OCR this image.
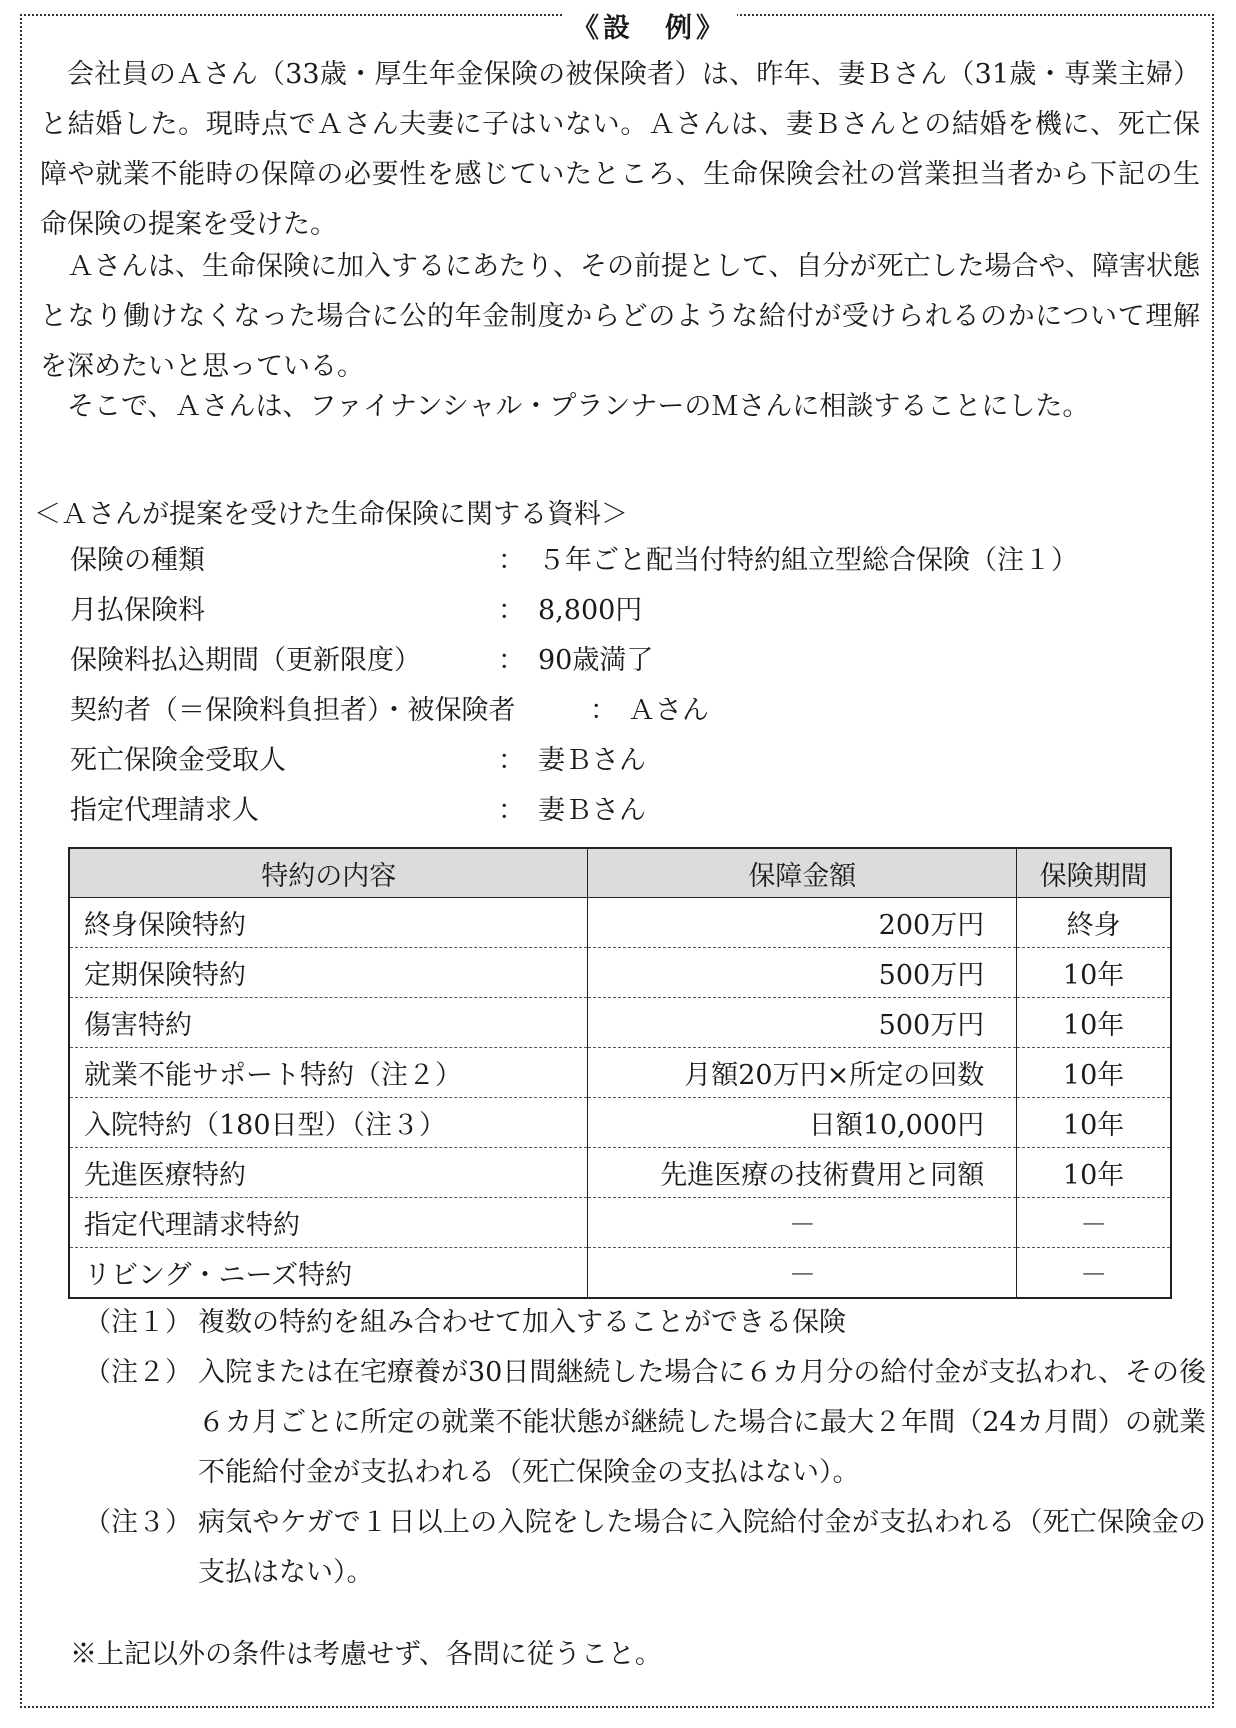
《設　例》

会社員のＡさん（33歳・厚生年金保険の被保険者）は、昨年、妻Ｂさん（31歳・専業主婦）と結婚した。現時点でＡさん夫妻に子はいない。Ａさんは、妻Ｂさんとの結婚を機に、死亡保障や就業不能時の保障の必要性を感じていたところ、生命保険会社の営業担当者から下記の生命保険の提案を受けた。

Ａさんは、生命保険に加入するにあたり、その前提として、自分が死亡した場合や、障害状態となり働けなくなった場合に公的年金制度からどのような給付が受けられるのかについて理解を深めたいと思っている。

そこで、Ａさんは、ファイナンシャル・プランナーのＭさんに相談することにした。

＜Ａさんが提案を受けた生命保険に関する資料＞
保険の種類	： ５年ごと配当付特約組立型総合保険（注１）
月払保険料	： 8,800円
保険料払込期間（更新限度）	： 90歳満了
契約者（＝保険料負担者）・被保険者	： Ａさん
死亡保険金受取人	： 妻Ｂさん
指定代理請求人	： 妻Ｂさん
特約の内容	保障金額	保険期間
終身保険特約	200万円	終身
定期保険特約	500万円	10年
傷害特約	500万円	10年
就業不能サポート特約（注２）	月額20万円×所定の回数	10年
入院特約（180日型）（注３）	日額10,000円	10年
先進医療特約	先進医療の技術費用と同額	10年
指定代理請求特約	－	－
リビング・ニーズ特約	－	－
（注１） 複数の特約を組み合わせて加入することができる保険
（注２） 入院または在宅療養が30日間継続した場合に６カ月分の給付金が支払われ、その後６カ月ごとに所定の就業不能状態が継続した場合に最大２年間（24カ月間）の就業不能給付金が支払われる（死亡保険金の支払はない）。
（注３） 病気やケガで１日以上の入院をした場合に入院給付金が支払われる（死亡保険金の支払はない）。
※上記以外の条件は考慮せず、各問に従うこと。
